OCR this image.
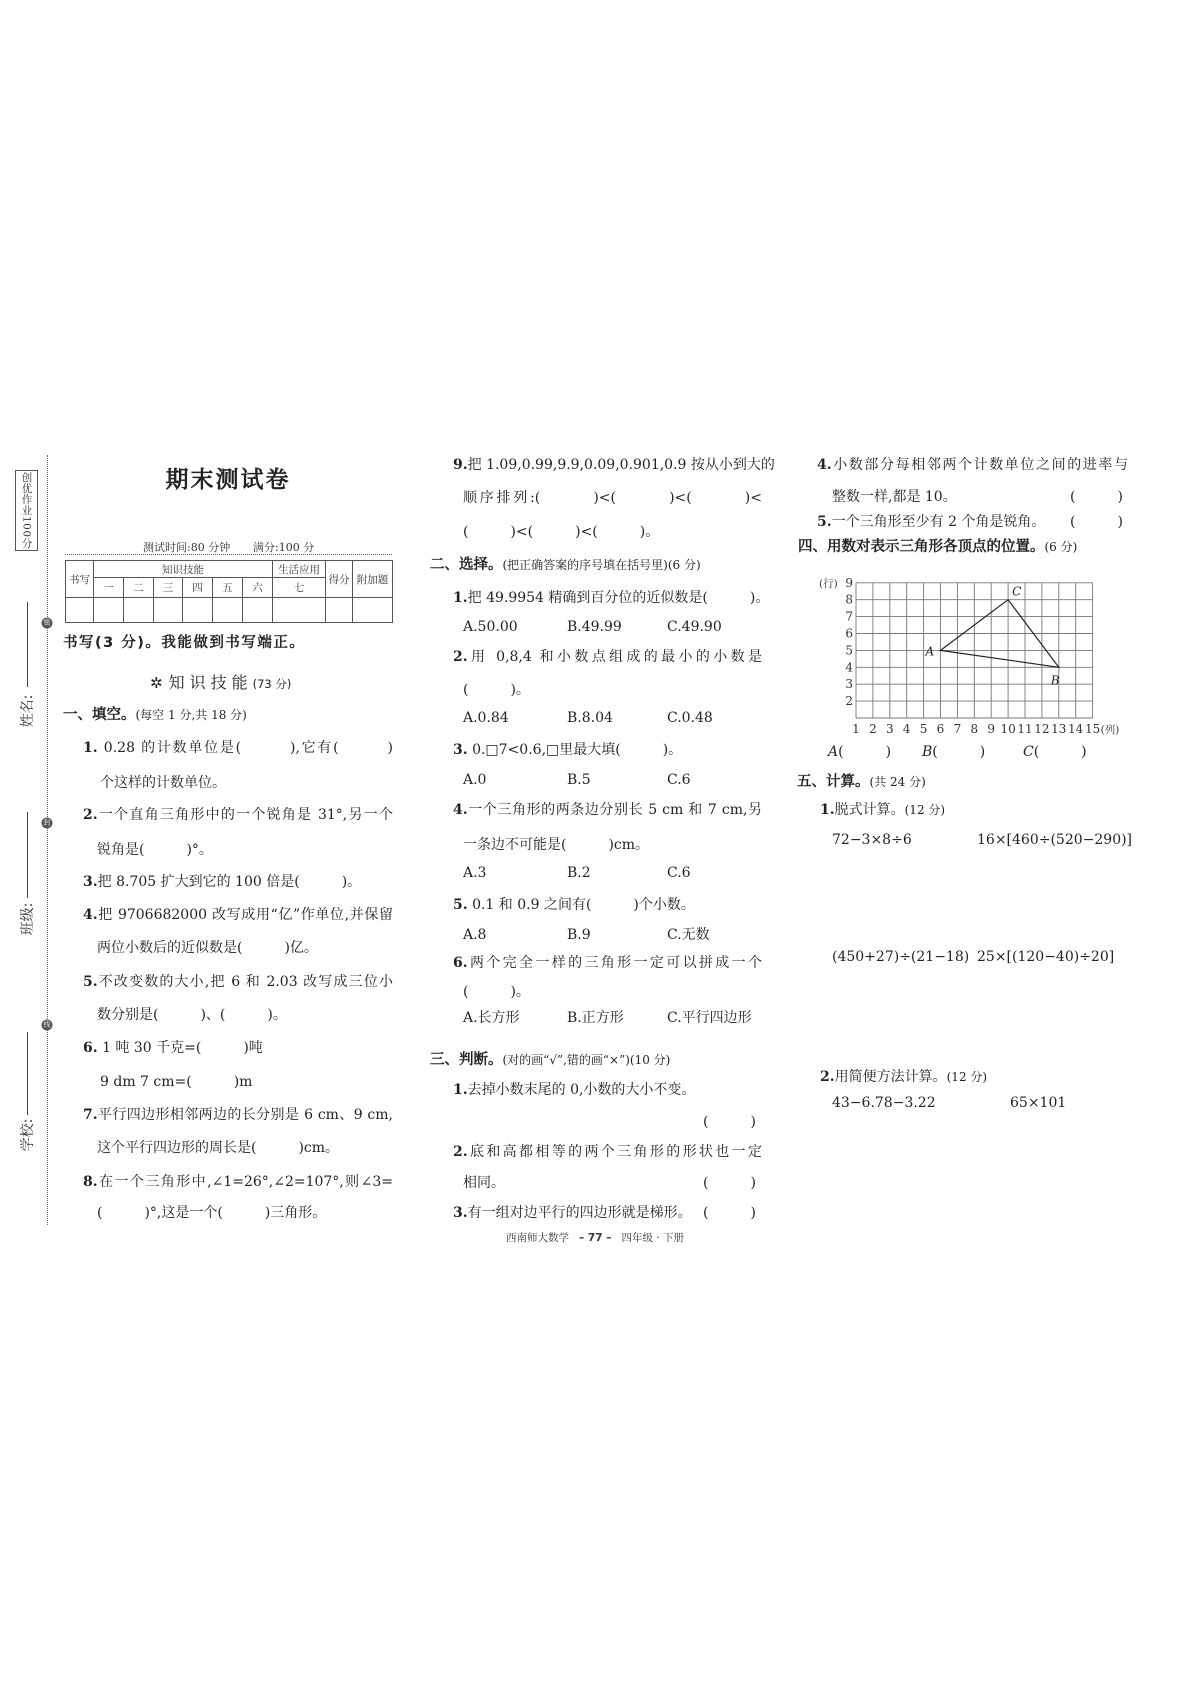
创优作业100分
姓名:
班级:
学校:
密
封
线
期末测试卷
测试时间:80 分钟 满分:100 分
书写	知识技能						生活应用	得分	附加题
	一	二	三	四	五	六	七		

书写(3 分)。我能做到书写端正。
✲ 知识技能(73 分)
一、填空。(每空 1 分,共 18 分)
1. 0.28 的计数单位是(　　　),它有(　　　)
个这样的计数单位。
2.一个直角三角形中的一个锐角是 31°,另一个
锐角是(　　　)°。
3.把 8.705 扩大到它的 100 倍是(　　　)。
4.把 9706682000 改写成用“亿”作单位,并保留
两位小数后的近似数是(　　　)亿。
5.不改变数的大小,把 6 和 2.03 改写成三位小
数分别是(　　　)、(　　　)。
6. 1 吨 30 千克=(　　　)吨
9 dm 7 cm=(　　　)m
7.平行四边形相邻两边的长分别是 6 cm、9 cm,
这个平行四边形的周长是(　　　)cm。
8.在一个三角形中,∠1=26°,∠2=107°,则∠3=
(　　　)°,这是一个(　　　)三角形。
9.把 1.09,0.99,9.9,0.09,0.901,0.9 按从小到大的
顺序排列:(　　　)<(　　　)<(　　　)<
(　　　)<(　　　)<(　　　)。
二、选择。(把正确答案的序号填在括号里)(6 分)
1.把 49.9954 精确到百分位的近似数是(　　　)。
A.50.00	B.49.99	C.49.90
2.用 0,8,4 和小数点组成的最小的小数是
(　　　)。
A.0.84	B.8.04	C.0.48
3. 0.□7<0.6,□里最大填(　　　)。
A.0	B.5	C.6
4.一个三角形的两条边分别长 5 cm 和 7 cm,另
一条边不可能是(　　　)cm。
A.3	B.2	C.6
5. 0.1 和 0.9 之间有(　　　)个小数。
A.8	B.9	C.无数
6.两个完全一样的三角形一定可以拼成一个
(　　　)。
A.长方形	B.正方形	C.平行四边形
三、判断。(对的画“√”,错的画“×”)(10 分)
1.去掉小数末尾的 0,小数的大小不变。
(　　　)
2.底和高都相等的两个三角形的形状也一定
相同。	(　　　)
3.有一组对边平行的四边形就是梯形。 (　　　)
西南师大数学 – 77 – 四年级 · 下册
4.小数部分每相邻两个计数单位之间的进率与
整数一样,都是 10。	(　　　)
5.一个三角形至少有 2 个角是锐角。 (　　　)
四、用数对表示三角形各顶点的位置。(6 分)
1 2 3 4 5 6 7 8 9 10 11 12 13 14 15
2
3
4
5
6
7
8
9
(行)
(列)
A
B
C
A(　　　) B(　　　)	C(　　　)
五、计算。(共 24 分)
1.脱式计算。(12 分)
72−3×8÷6	16×[460÷(520−290)]
(450+27)÷(21−18) 25×[(120−40)÷20]
2.用简便方法计算。(12 分)
43−6.78−3.22	65×101
